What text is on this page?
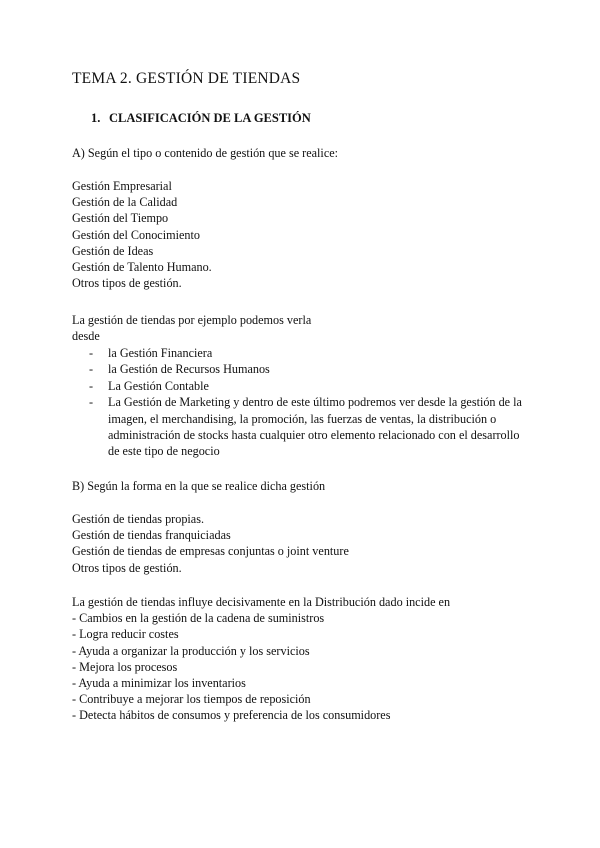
TEMA 2. GESTIÓN DE TIENDAS
1. CLASIFICACIÓN DE LA GESTIÓN

A) Según el tipo o contenido de gestión que se realice:

Gestión Empresarial

Gestión de la Calidad

Gestión del Tiempo

Gestión del Conocimiento

Gestión de Ideas

Gestión de Talento Humano.

Otros tipos de gestión.

La gestión de tiendas por ejemplo podemos verla

desde

- la Gestión Financiera
- la Gestión de Recursos Humanos
- La Gestión Contable
- La Gestión de Marketing y dentro de este último podremos ver desde la gestión de la imagen, el merchandising, la promoción, las fuerzas de ventas, la distribución o administración de stocks hasta cualquier otro elemento relacionado con el desarrollo de este tipo de negocio

B) Según la forma en la que se realice dicha gestión

Gestión de tiendas propias.

Gestión de tiendas franquiciadas

Gestión de tiendas de empresas conjuntas o joint venture

Otros tipos de gestión.

La gestión de tiendas influye decisivamente en la Distribución dado incide en

- Cambios en la gestión de la cadena de suministros

- Logra reducir costes

- Ayuda a organizar la producción y los servicios

- Mejora los procesos

- Ayuda a minimizar los inventarios

- Contribuye a mejorar los tiempos de reposición

- Detecta hábitos de consumos y preferencia de los consumidores
